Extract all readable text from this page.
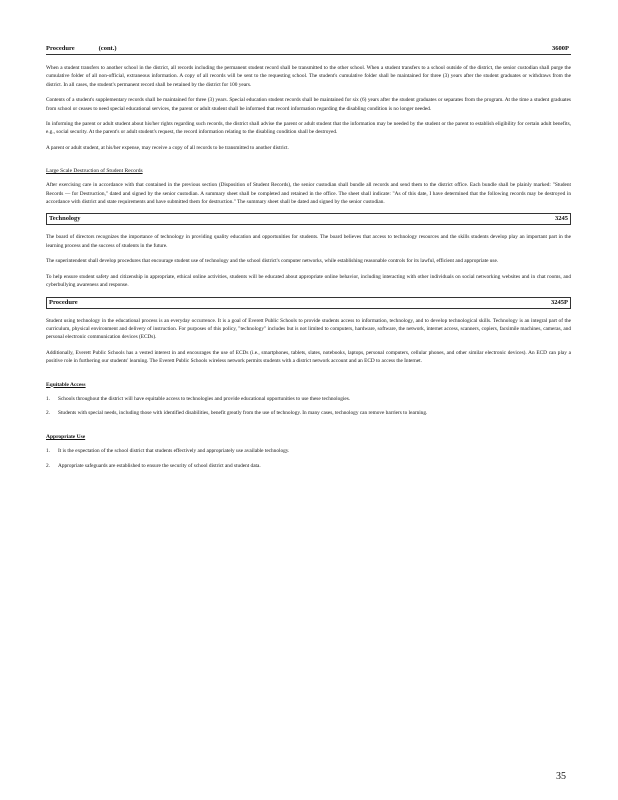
Procedure	(cont.)	3600P

When a student transfers to another school in the district, all records including the permanent student record shall be transmitted to the other school. When a student transfers to a school outside of the district, the senior custodian shall purge the cumulative folder of all non-official, extraneous information. A copy of all records will be sent to the requesting school. The student's cumulative folder shall be maintained for three (3) years after the student graduates or withdraws from the district. In all cases, the student's permanent record shall be retained by the district for 100 years.

Contents of a student's supplementary records shall be maintained for three (3) years. Special education student records shall be maintained for six (6) years after the student graduates or separates from the program. At the time a student graduates from school or ceases to need special educational services, the parent or adult student shall be informed that record information regarding the disabling condition is no longer needed.

In informing the parent or adult student about his/her rights regarding such records, the district shall advise the parent or adult student that the information may be needed by the student or the parent to establish eligibility for certain adult benefits, e.g., social security. At the parent's or adult student's request, the record information relating to the disabling condition shall be destroyed.

A parent or adult student, at his/her expense, may receive a copy of all records to be transmitted to another district.

Large Scale Destruction of Student Records

After exercising care in accordance with that contained in the previous section (Disposition of Student Records), the senior custodian shall bundle all records and send them to the district office. Each bundle shall be plainly marked: "Student Records — for Destruction," dated and signed by the senior custodian. A summary sheet shall be completed and retained in the office. The sheet shall indicate: "As of this date, I have determined that the following records may be destroyed in accordance with district and state requirements and have submitted them for destruction." The summary sheet shall be dated and signed by the senior custodian.

Technology	3245

The board of directors recognizes the importance of technology in providing quality education and opportunities for students. The board believes that access to technology resources and the skills students develop play an important part in the learning process and the success of students in the future.

The superintendent shall develop procedures that encourage student use of technology and the school district's computer networks, while establishing reasonable controls for its lawful, efficient and appropriate use.

To help ensure student safety and citizenship in appropriate, ethical online activities, students will be educated about appropriate online behavior, including interacting with other individuals on social networking websites and in chat rooms, and cyberbullying awareness and response.

Procedure	3245P

Student using technology in the educational process is an everyday occurrence. It is a goal of Everett Public Schools to provide students access to information, technology, and to develop technological skills. Technology is an integral part of the curriculum, physical environment and delivery of instruction. For purposes of this policy, "technology" includes but is not limited to computers, hardware, software, the network, internet access, scanners, copiers, facsimile machines, cameras, and personal electronic communication devices (ECDs).

Additionally, Everett Public Schools has a vested interest in and encourages the use of ECDs (i.e., smartphones, tablets, slates, notebooks, laptops, personal computers, cellular phones, and other similar electronic devices). An ECD can play a positive role in furthering our students' learning. The Everett Public Schools wireless network permits students with a district network account and an ECD to access the Internet.

Equitable Access
1.	Schools throughout the district will have equitable access to technologies and provide educational opportunities to use these technologies.
2.	Students with special needs, including those with identified disabilities, benefit greatly from the use of technology. In many cases, technology can remove barriers to learning.
Appropriate Use
1.	It is the expectation of the school district that students effectively and appropriately use available technology.
2.	Appropriate safeguards are established to ensure the security of school district and student data.
35
